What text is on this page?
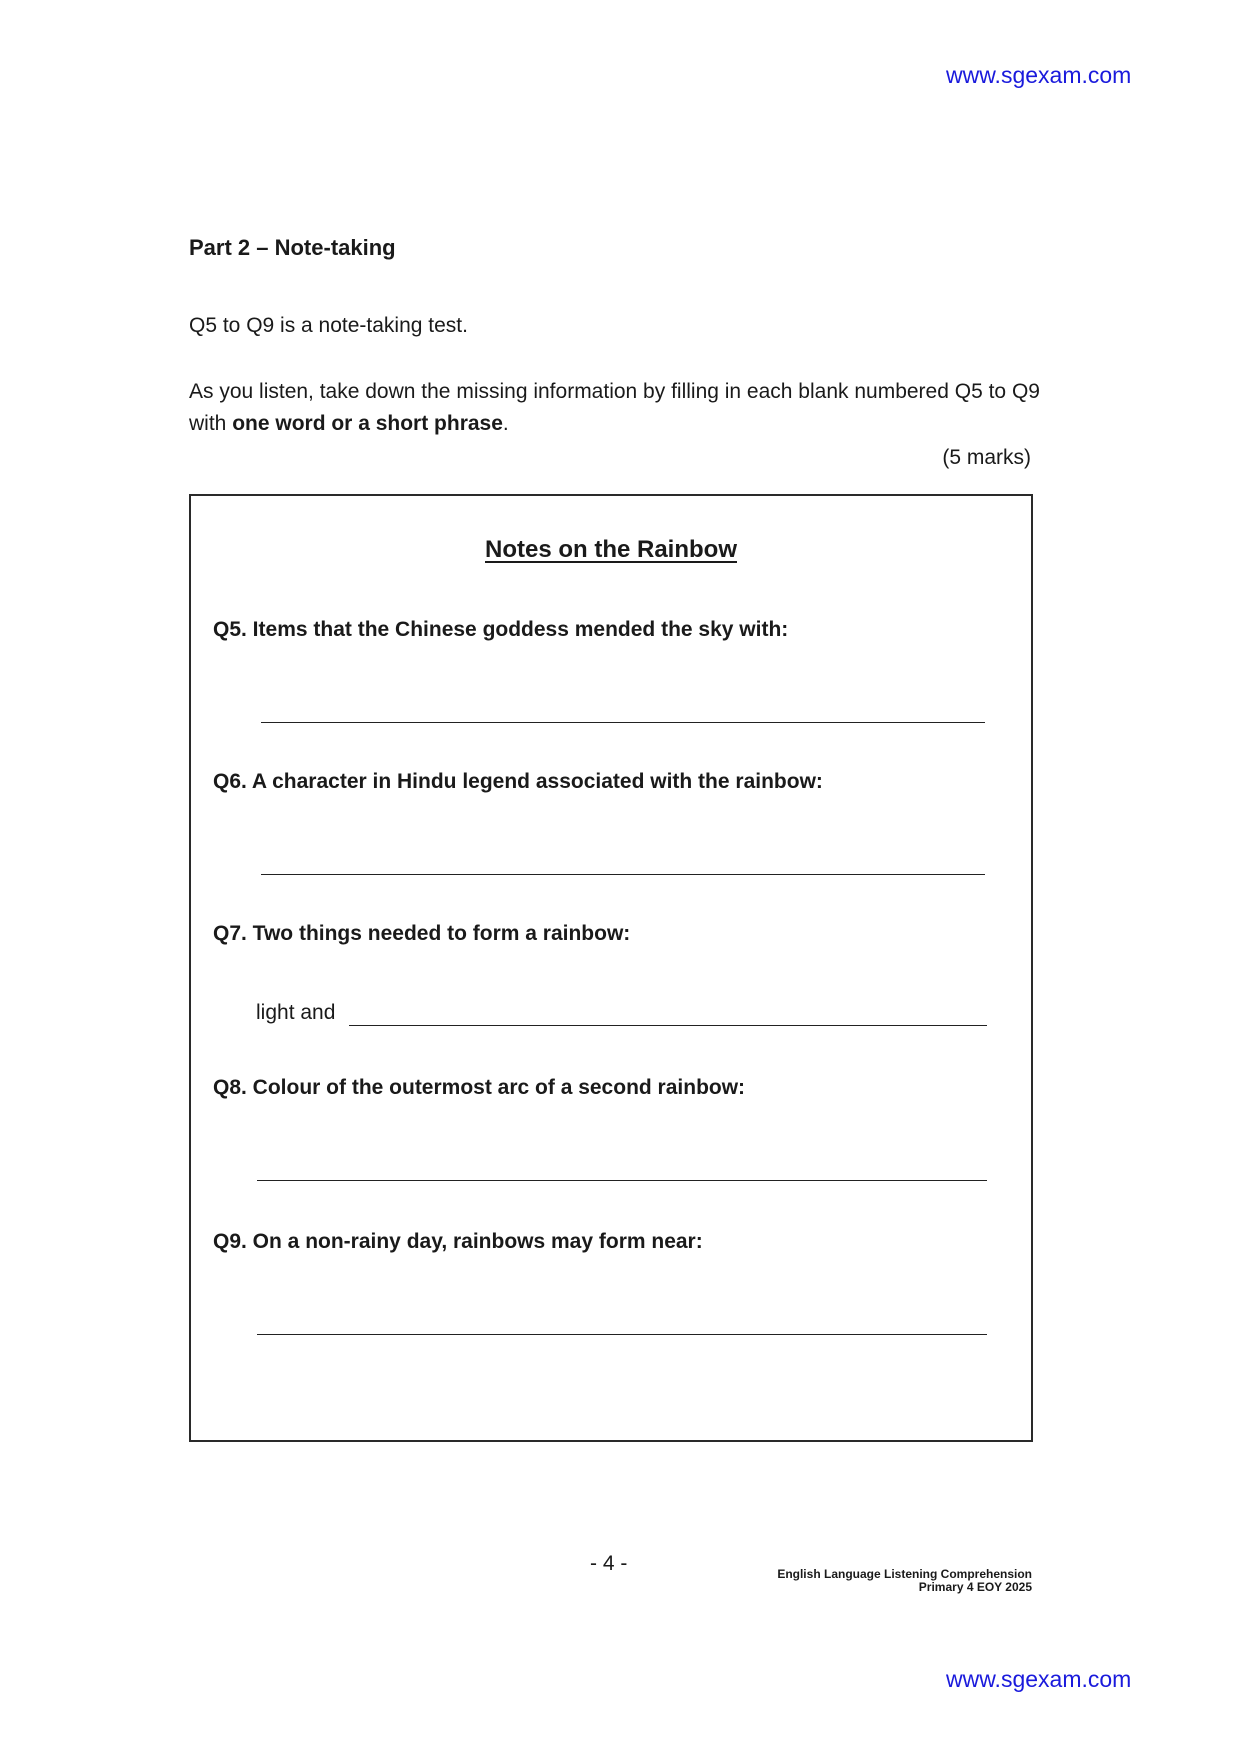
www.sgexam.com
Part 2 – Note-taking
Q5 to Q9 is a note-taking test.
As you listen, take down the missing information by filling in each blank numbered Q5 to Q9 with one word or a short phrase.
(5 marks)
Notes on the Rainbow
Q5. Items that the Chinese goddess mended the sky with:
Q6. A character in Hindu legend associated with the rainbow:
Q7. Two things needed to form a rainbow:
light and
Q8. Colour of the outermost arc of a second rainbow:
Q9. On a non-rainy day, rainbows may form near:
- 4 -	English Language Listening Comprehension
Primary 4 EOY 2025
www.sgexam.com
